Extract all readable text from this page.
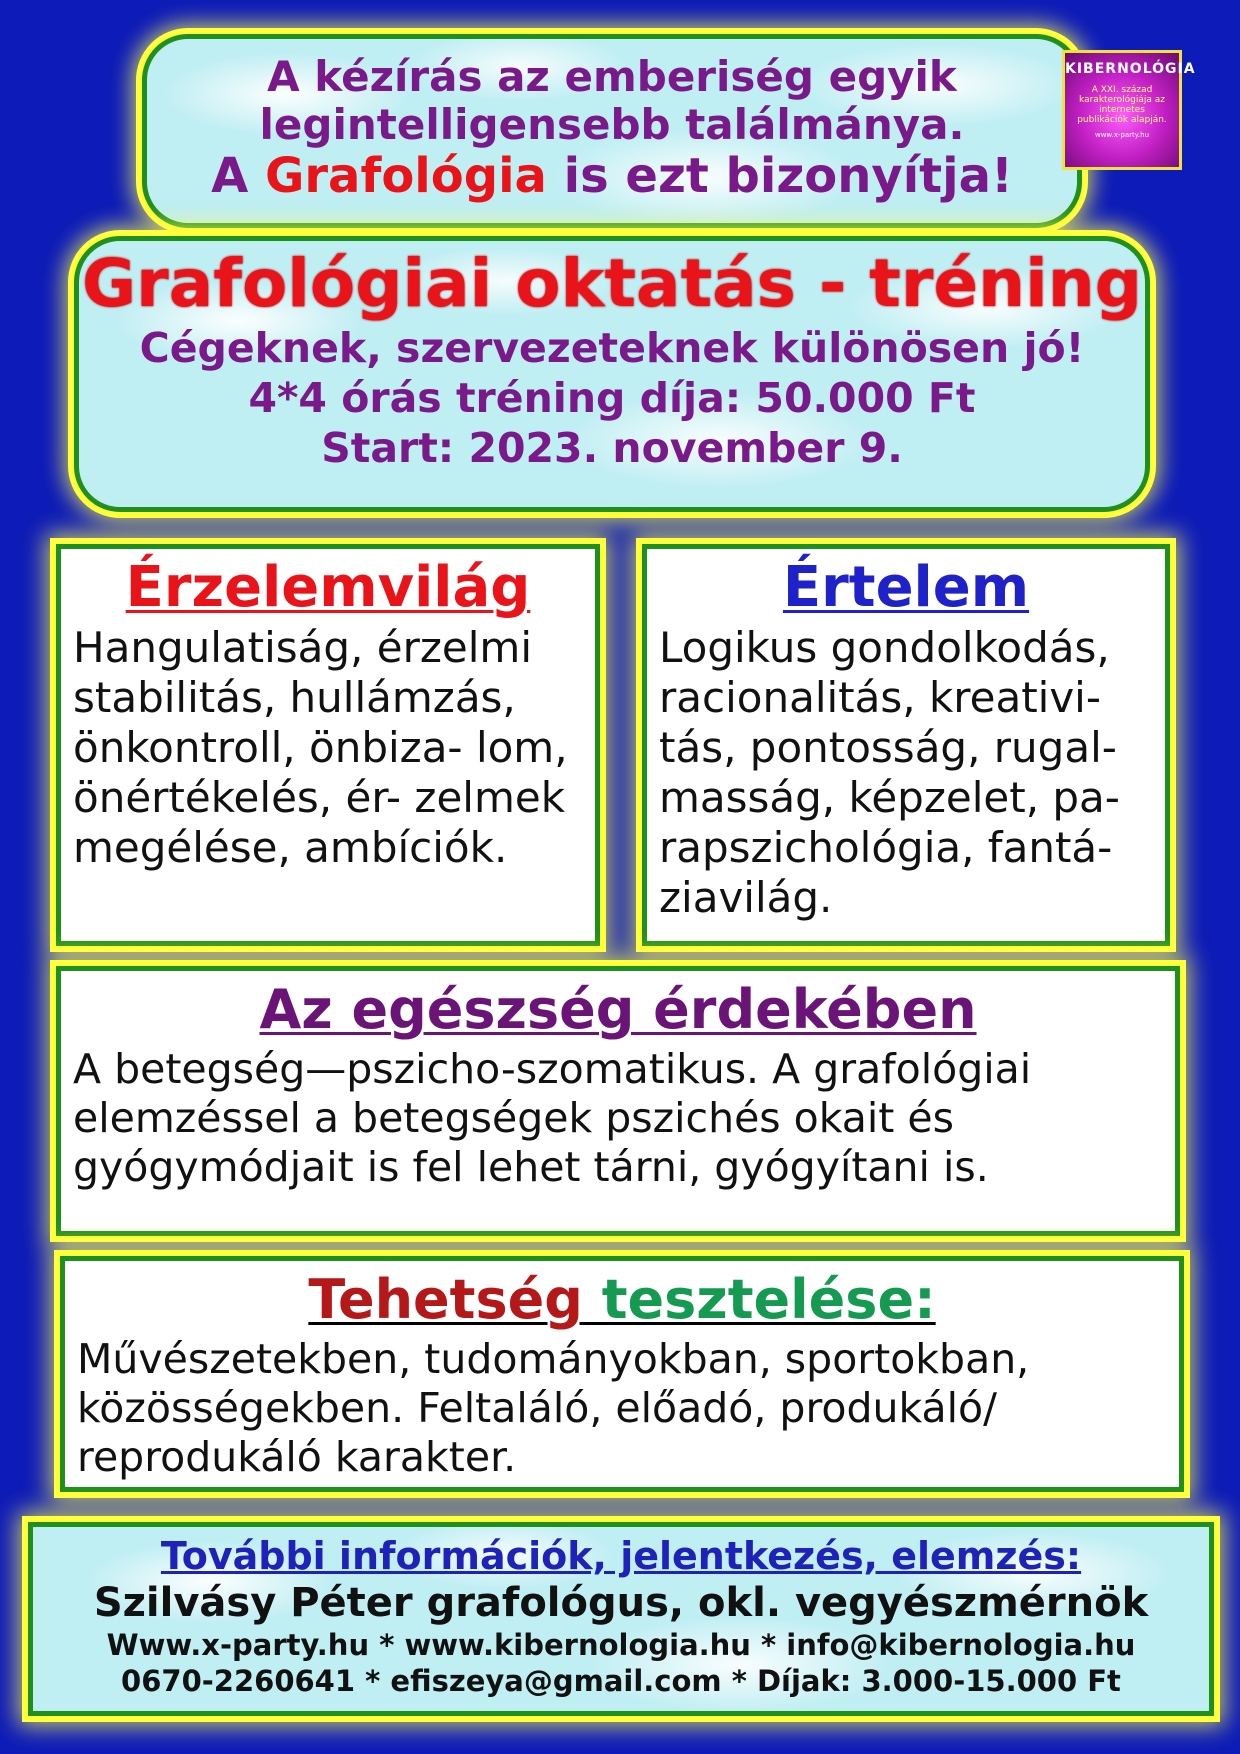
A kézírás az emberiség egyik
legintelligensebb találmánya.
A Grafológia is ezt bizonyítja!
KIBERNOLÓGIA
A XXI. század karakterológiája az internetes publikációk alapján.
www.x-party.hu
Grafológiai oktatás - tréning
Cégeknek, szervezeteknek különösen jó!
4*4 órás tréning díja: 50.000 Ft
Start: 2023. november 9.
Érzelemvilág
Hangulatiság, érzelmi stabilitás, hullámzás, önkontroll, önbiza- lom, önértékelés, ér- zelmek megélése, ambíciók.
Értelem
Logikus gondolkodás, racionalitás, kreativi- tás, pontosság, rugal- masság, képzelet, pa- rapszichológia, fantá- ziavilág.
Az egészség érdekében
A betegség—pszicho-szomatikus. A grafológiai elemzéssel a betegségek pszichés okait és gyógymódjait is fel lehet tárni, gyógyítani is.
Tehetség tesztelése:
Művészetekben, tudományokban, sportokban, közösségekben. Feltaláló, előadó, produkáló/ reprodukáló karakter.
További információk, jelentkezés, elemzés:
Szilvásy Péter grafológus, okl. vegyészmérnök
Www.x-party.hu * www.kibernologia.hu * info@kibernologia.hu
0670-2260641 * efiszeya@gmail.com * Díjak: 3.000-15.000 Ft
